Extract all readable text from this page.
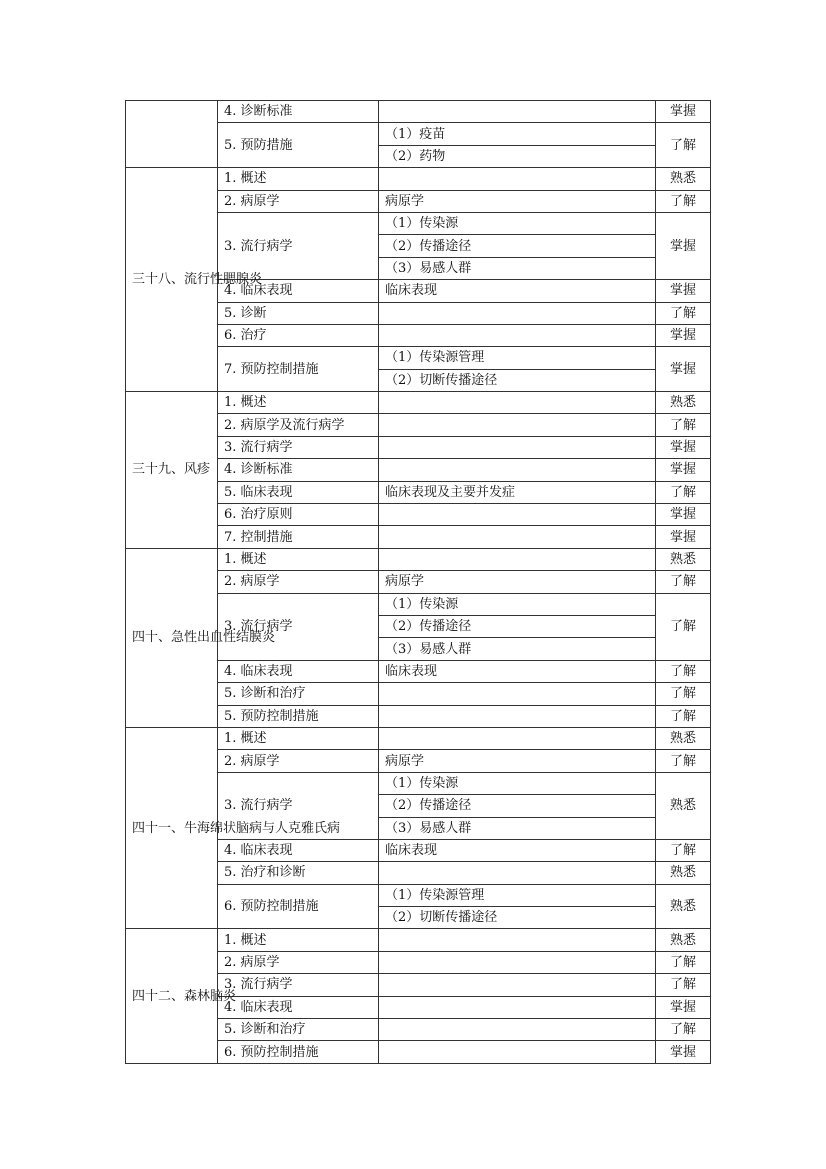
	4. 诊断标准		掌握
	5. 预防措施	（1）疫苗	了解
		（2）药物	
三十八、流行性腮腺炎	1. 概述		熟悉
	2. 病原学	病原学	了解
	3. 流行病学	（1）传染源	掌握
		（2）传播途径	
		（3）易感人群	
	4. 临床表现	临床表现	掌握
	5. 诊断		了解
	6. 治疗		掌握
	7. 预防控制措施	（1）传染源管理	掌握
		（2）切断传播途径	
三十九、风疹	1. 概述		熟悉
	2. 病原学及流行病学		了解
	3. 流行病学		掌握
	4. 诊断标准		掌握
	5. 临床表现	临床表现及主要并发症	了解
	6. 治疗原则		掌握
	7. 控制措施		掌握
四十、急性出血性结膜炎	1. 概述		熟悉
	2. 病原学	病原学	了解
	3. 流行病学	（1）传染源	了解
		（2）传播途径	
		（3）易感人群	
	4. 临床表现	临床表现	了解
	5. 诊断和治疗		了解
	5. 预防控制措施		了解
四十一、牛海绵状脑病与人克雅氏病	1. 概述		熟悉
	2. 病原学	病原学	了解
	3. 流行病学	（1）传染源	熟悉
		（2）传播途径	
		（3）易感人群	
	4. 临床表现	临床表现	了解
	5. 治疗和诊断		熟悉
	6. 预防控制措施	（1）传染源管理	熟悉
		（2）切断传播途径	
四十二、森林脑炎	1. 概述		熟悉
	2. 病原学		了解
	3. 流行病学		了解
	4. 临床表现		掌握
	5. 诊断和治疗		了解
	6. 预防控制措施		掌握
